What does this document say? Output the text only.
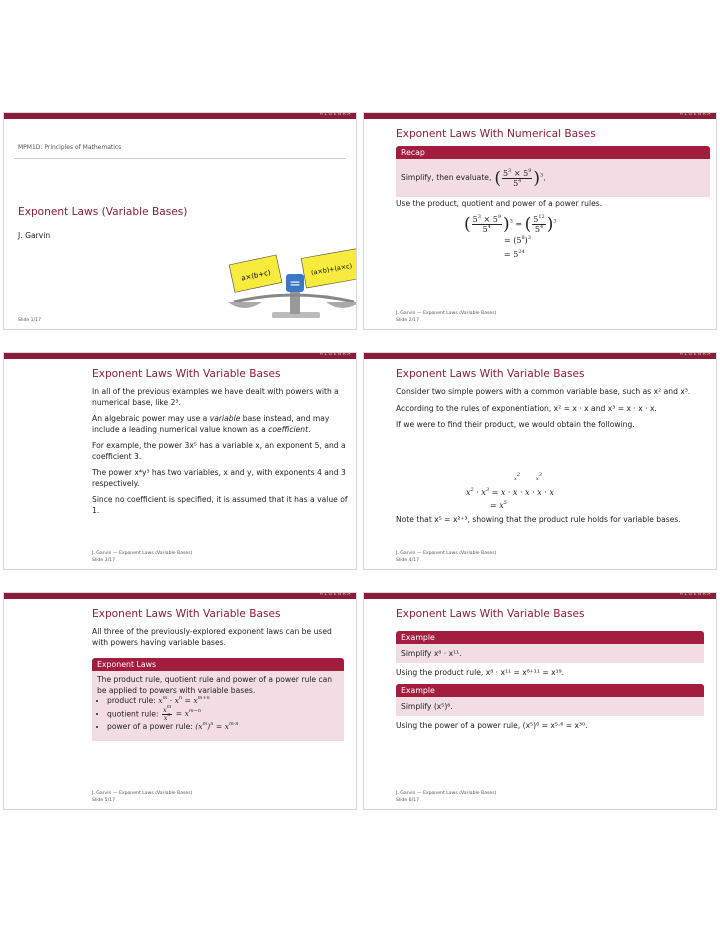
ALGEBRA
MPM1D: Principles of Mathematics
Exponent Laws (Variable Bases)
J. Garvin
a×(b+c)	(a×b)+(a×c)
=
Slide 1/17
ALGEBRA
Exponent Laws With Numerical Bases
Recap
Simplify, then evaluate, ( $\frac{5^3 \times 5^9}{5^4} )^3$.

Use the product, quotient and power of a power rules.

( $\frac{5^3 \times 5^9}{5^4} )^3$ = ( $\frac{5^{12}}{5^4} )^3$
= $(5^8)^3$
= $5^{24}$
J. Garvin — Exponent Laws (Variable Bases)
Slide 2/17
ALGEBRA
Exponent Laws With Variable Bases

In all of the previous examples we have dealt with powers with a numerical base, like 2³.

An algebraic power may use a variable base instead, and may include a leading numerical value known as a coefficient.

For example, the power 3x⁵ has a variable x, an exponent 5, and a coefficient 3.

The power x⁴y³ has two variables, x and y, with exponents 4 and 3 respectively.

Since no coefficient is specified, it is assumed that it has a value of 1.

J. Garvin — Exponent Laws (Variable Bases)
Slide 3/17
ALGEBRA
Exponent Laws With Variable Bases

Consider two simple powers with a common variable base, such as x² and x³.

According to the rules of exponentiation, x² = x · x and x³ = x · x · x.

If we were to find their product, we would obtain the following.

$x^2$          $x^3$
$x^2 \cdot x^3 = x \cdot x \cdot x \cdot x \cdot x$
= $x^5$

Note that x⁵ = x²⁺³, showing that the product rule holds for variable bases.

J. Garvin — Exponent Laws (Variable Bases)
Slide 4/17
ALGEBRA
Exponent Laws With Variable Bases

All three of the previously-explored exponent laws can be used with powers having variable bases.

Exponent Laws
The product rule, quotient rule and power of a power rule can be applied to powers with variable bases.
• product rule: $x^m \cdot x^n = x^{m+n}$
• quotient rule: $\frac{x^m}{x^n} = x^{m-n}$
• power of a power rule: $(x^m)^n = x^{m\cdot n}$
J. Garvin — Exponent Laws (Variable Bases)
Slide 5/17
ALGEBRA
Exponent Laws With Variable Bases
Example
Simplify x⁸ · x¹¹.

Using the product rule, x⁸ · x¹¹ = x⁸⁺¹¹ = x¹⁹.

Example
Simplify (x⁵)⁶.

Using the power of a power rule, (x⁵)⁶ = x⁵·⁶ = x³⁰.

J. Garvin — Exponent Laws (Variable Bases)
Slide 6/17
